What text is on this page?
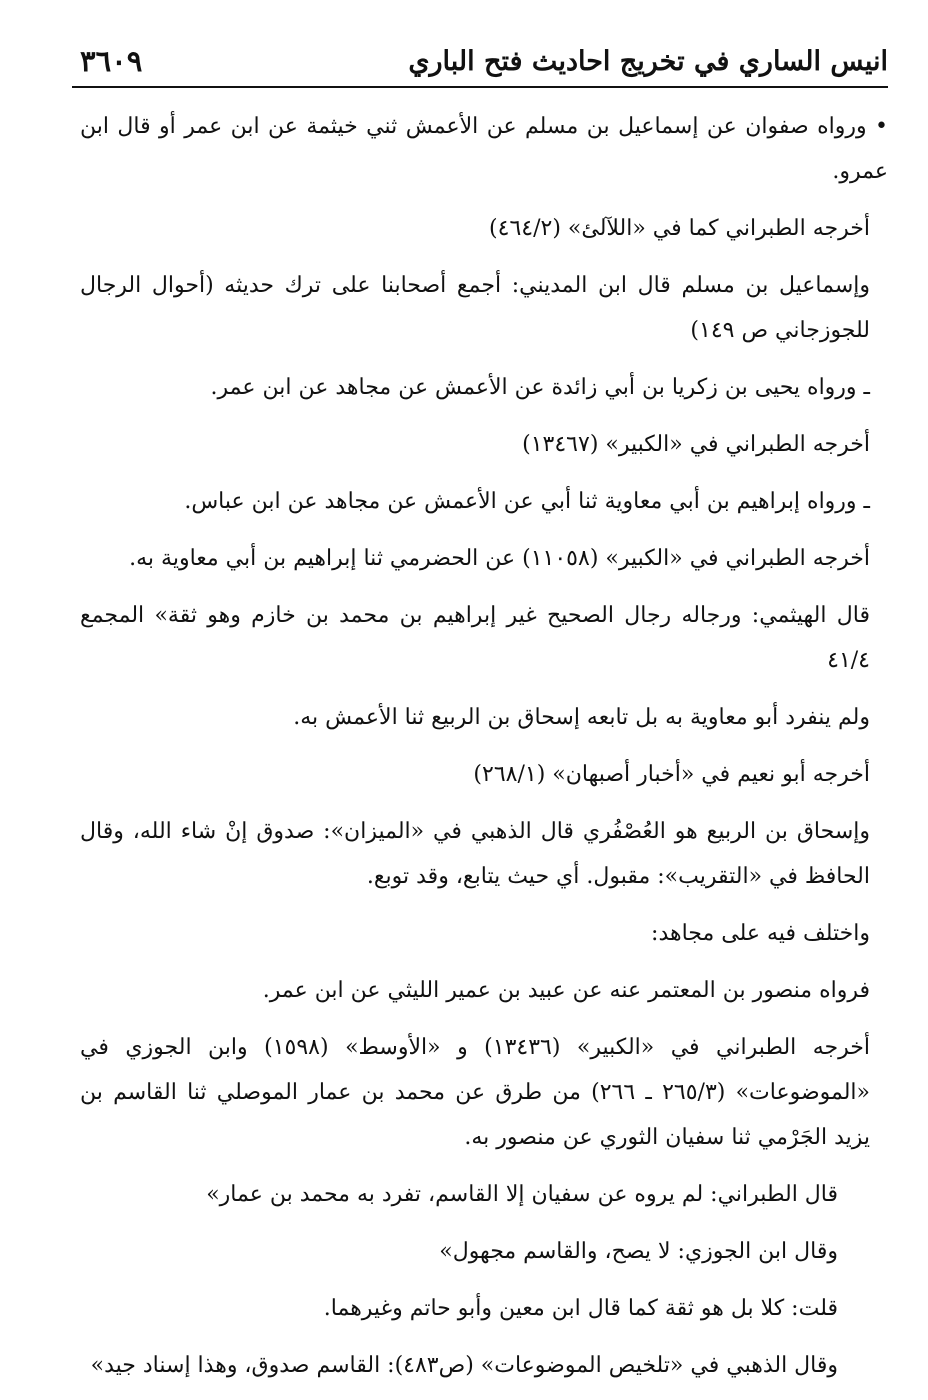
انيس الساري في تخريج احاديث فتح الباري
٣٦٠٩

• ورواه صفوان عن إسماعيل بن مسلم عن الأعمش ثني خيثمة عن ابن عمر أو قال ابن عمرو.

أخرجه الطبراني كما في «اللآلئ» (٤٦٤/٢)

وإسماعيل بن مسلم قال ابن المديني: أجمع أصحابنا على ترك حديثه (أحوال الرجال للجوزجاني ص ١٤٩)

ـ ورواه يحيى بن زكريا بن أبي زائدة عن الأعمش عن مجاهد عن ابن عمر.

أخرجه الطبراني في «الكبير» (١٣٤٦٧)

ـ ورواه إبراهيم بن أبي معاوية ثنا أبي عن الأعمش عن مجاهد عن ابن عباس.

أخرجه الطبراني في «الكبير» (١١٠٥٨) عن الحضرمي ثنا إبراهيم بن أبي معاوية به.

قال الهيثمي: ورجاله رجال الصحيح غير إبراهيم بن محمد بن خازم وهو ثقة» المجمع ٤١/٤

ولم ينفرد أبو معاوية به بل تابعه إسحاق بن الربيع ثنا الأعمش به.

أخرجه أبو نعيم في «أخبار أصبهان» (٢٦٨/١)

وإسحاق بن الربيع هو العُصْفُري قال الذهبي في «الميزان»: صدوق إنْ شاء الله، وقال الحافظ في «التقريب»: مقبول. أي حيث يتابع، وقد توبع.

واختلف فيه على مجاهد:

فرواه منصور بن المعتمر عنه عن عبيد بن عمير الليثي عن ابن عمر.

أخرجه الطبراني في «الكبير» (١٣٤٣٦) و «الأوسط» (١٥٩٨) وابن الجوزي في «الموضوعات» (٢٦٥/٣ ـ ٢٦٦) من طرق عن محمد بن عمار الموصلي ثنا القاسم بن يزيد الجَرْمي ثنا سفيان الثوري عن منصور به.

قال الطبراني: لم يروه عن سفيان إلا القاسم، تفرد به محمد بن عمار»

وقال ابن الجوزي: لا يصح، والقاسم مجهول»

قلت: كلا بل هو ثقة كما قال ابن معين وأبو حاتم وغيرهما.

وقال الذهبي في «تلخيص الموضوعات» (ص٤٨٣): القاسم صدوق، وهذا إسناد جيد»
